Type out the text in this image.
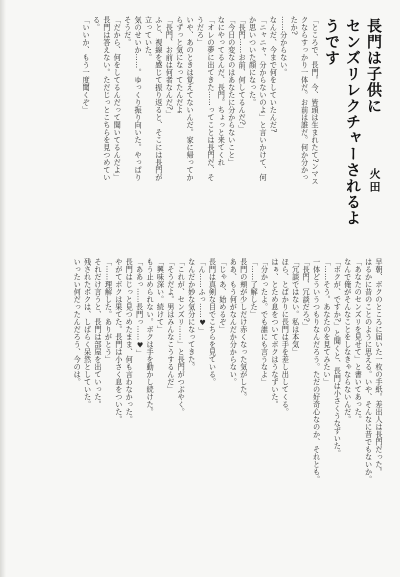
長門は子供に
センズリレクチャーされるようです
火田

「ところで、長門。今、皆頭は生まれたて?ンマスクならすっかり一体だ。お前は誰だ。何か分かったか?

……分からない。

なんだ、今まで何をしていたんだ?

「ニャニャ、分からないのよ」と言いかけて、何か思いついた顔になった。

「長門……お前、何してるんだ?」

「今日の変なのはあなたに分からないこと」

なにやってるんだ、長門。ちょっと来てくれ

「オレの夢に出てきた……ってことは長門だ、そうだろ」

いや、あのときは覚えてないんだ。家に帰ってからずっと気になってたんだよ

「長門、お前は何者なんだ?」

ふと、視線を感じて振り返ると、そこには長門が立っていた。

気のせいか……。ゆっくり振り向いた。やっぱりそうだ。

「だから、何をしてるんだって聞いてるんだよ」

長門は答えない。ただじっとこちらを見つめている。

「いいか、もう一度聞くぞ」

早朝、ボクのところに届いた一枚の手紙。差出人は長門だった。

はるかに昔のことのように思える。いや、そんなに昔でもないか。

「あなたのセンズリを見せて」と書いてあった。

なんで俺がそんなことをしなきゃならないんだ。

「ボクが、ですか?」と聞くと、長門は小さくうなずいた。

「……そう。あなたのを見てみたい」

一体どういうつもりなんだろう。ただの好奇心なのか、それとも。

「長門、冗談だろ?」

「冗談ではない。私は本気」

ほら、とばかりに長門は手を差し出してくる。

はぁ、とため息をついてボクはうなずいた。

「分かったよ。でも誰にも言うなよ」

「……了解した」

長門の頬が少しだけ赤くなった気がした。

ああ、もう何がなんだか分からない。

「じゃあ、始めるぞ」

長門は真剣な目でこちらを見ている。

「ん……ふっ……♥」

なんだか妙な気分になってきた。

「これが、センズリ……」と長門がつぶやく。

「そうだよ。男はみんなこうするんだ」

「興味深い。続けて」

もう止められない。ボクは手を動かし続けた。

「ああっ……長門っ……♥」

長門はじっと見つめたまま、何も言わなかった。

やがてボクは果てた。長門は小さく息をついた。

「……理解した。ありがとう」

それだけ言うと、長門は部屋を出ていった。

残されたボクは、しばらく呆然としていた。

いったい何だったんだろう、今のは。
